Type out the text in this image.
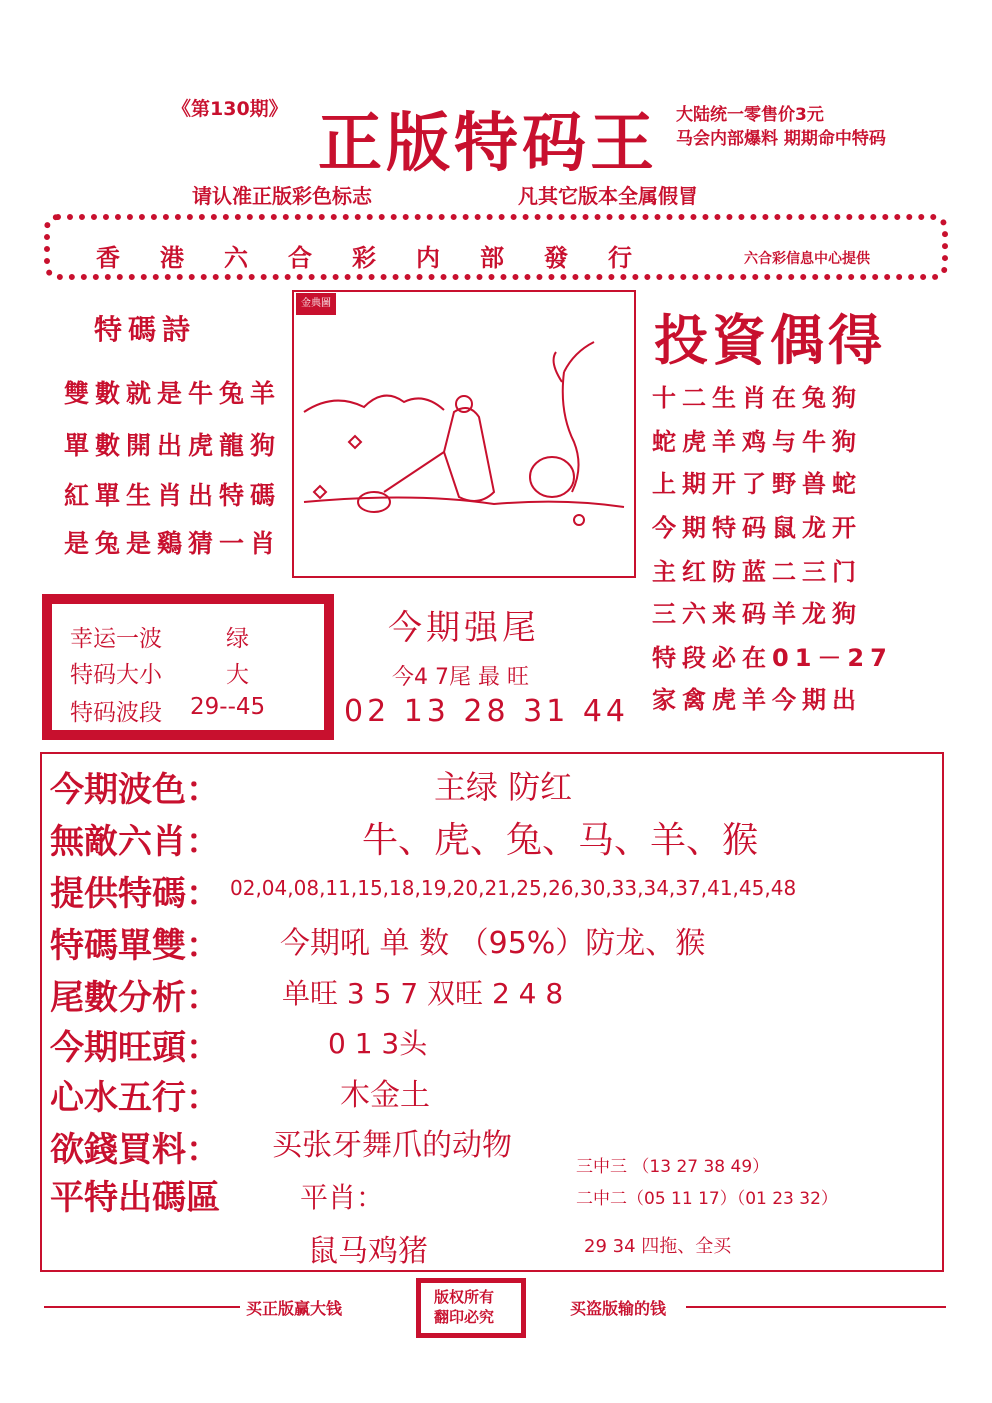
《第130期》 正版特码王 大陆统一零售价3元
马会内部爆料 期期命中特码
请认准正版彩色标志	凡其它版本全属假冒
香港六合彩内部發行	六合彩信息中心提供
特碼詩
雙數就是牛兔羊
單數開出虎龍狗
紅單生肖出特碼
是兔是鷄猜一肖
金典圖
投資偶得
十二生肖在兔狗
蛇虎羊鸡与牛狗
上期开了野兽蛇
今期特码鼠龙开
主红防蓝二三门
三六来码羊龙狗
特段必在01－27
家禽虎羊今期出
幸运一波	绿
特码大小	大
特码波段 29--45
今期强尾
今4 7尾 最 旺
02 13 28 31 44
今期波色：	主绿 防红
無敵六肖：	牛、虎、兔、马、羊、猴
提供特碼： 02,04,08,11,15,18,19,20,21,25,26,30,33,34,37,41,45,48
特碼單雙： 今期吼 单 数 （95%）防龙、猴
尾數分析： 单旺 3 5 7 双旺 2 4 8
今期旺頭：	0 1 3头
心水五行：	木金土
欲錢買料： 买张牙舞爪的动物
平特出碼區	平肖：
鼠马鸡猪
三中三 （13 27 38 49）
二中二（05 11 17）（01 23 32）
29 34 四拖、全买
买正版赢大钱
版权所有
翻印必究	买盗版输的钱
